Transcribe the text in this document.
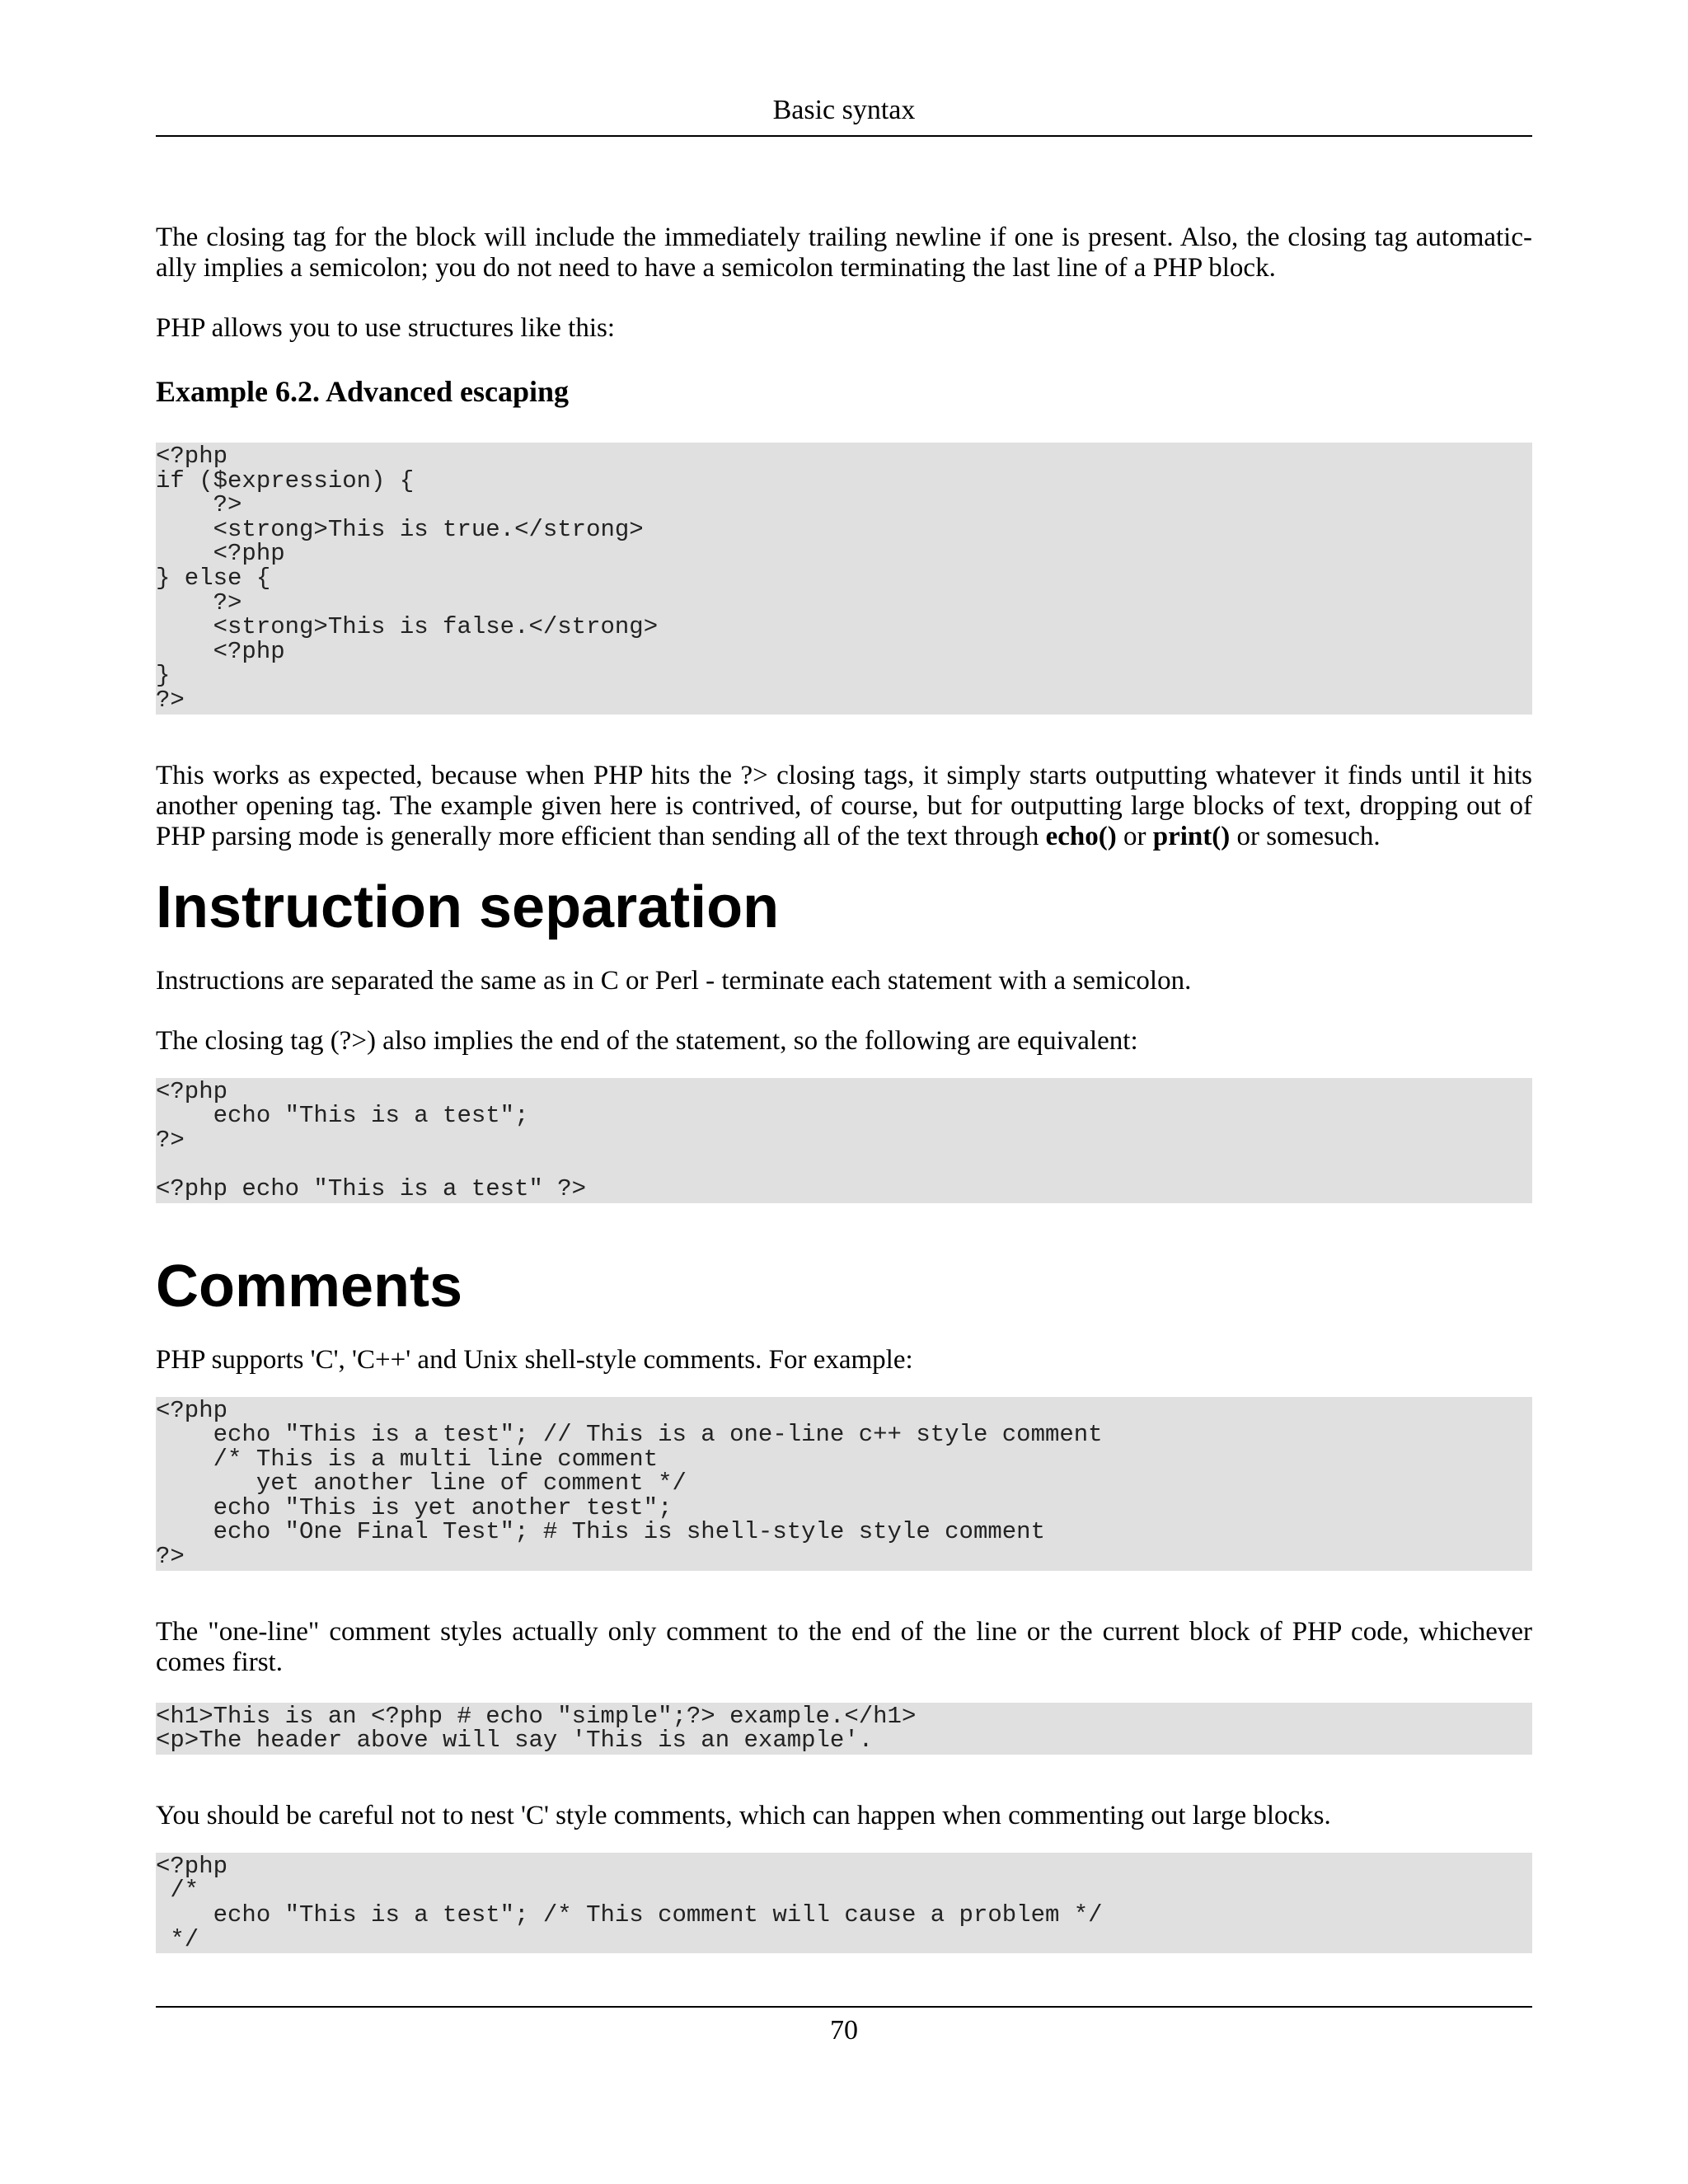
Basic syntax

The closing tag for the block will include the immediately trailing newline if one is present. Also, the closing tag automatically implies a semicolon; you do not need to have a semicolon terminating the last line of a PHP block.

PHP allows you to use structures like this:

Example 6.2. Advanced escaping
<?php
if ($expression) {
?>
<strong>This is true.</strong>
<?php
} else {
?>
<strong>This is false.</strong>
<?php
}
?>

This works as expected, because when PHP hits the ?> closing tags, it simply starts outputting whatever it finds until it hits another opening tag. The example given here is contrived, of course, but for outputting large blocks of text, dropping out of PHP parsing mode is generally more efficient than sending all of the text through echo() or print() or somesuch.

Instruction separation

Instructions are separated the same as in C or Perl - terminate each statement with a semicolon.

The closing tag (?>) also implies the end of the statement, so the following are equivalent:

<?php
echo "This is a test";
?>

<?php echo "This is a test" ?>
Comments

PHP supports 'C', 'C++' and Unix shell-style comments. For example:

<?php
echo "This is a test"; // This is a one-line c++ style comment
/* This is a multi line comment
yet another line of comment */
echo "This is yet another test";
echo "One Final Test"; # This is shell-style style comment
?>

The "one-line" comment styles actually only comment to the end of the line or the current block of PHP code, whichever comes first.

<h1>This is an <?php # echo "simple";?> example.</h1>
<p>The header above will say 'This is an example'.

You should be careful not to nest 'C' style comments, which can happen when commenting out large blocks.

<?php
/*
echo "This is a test"; /* This comment will cause a problem */
*/
70
